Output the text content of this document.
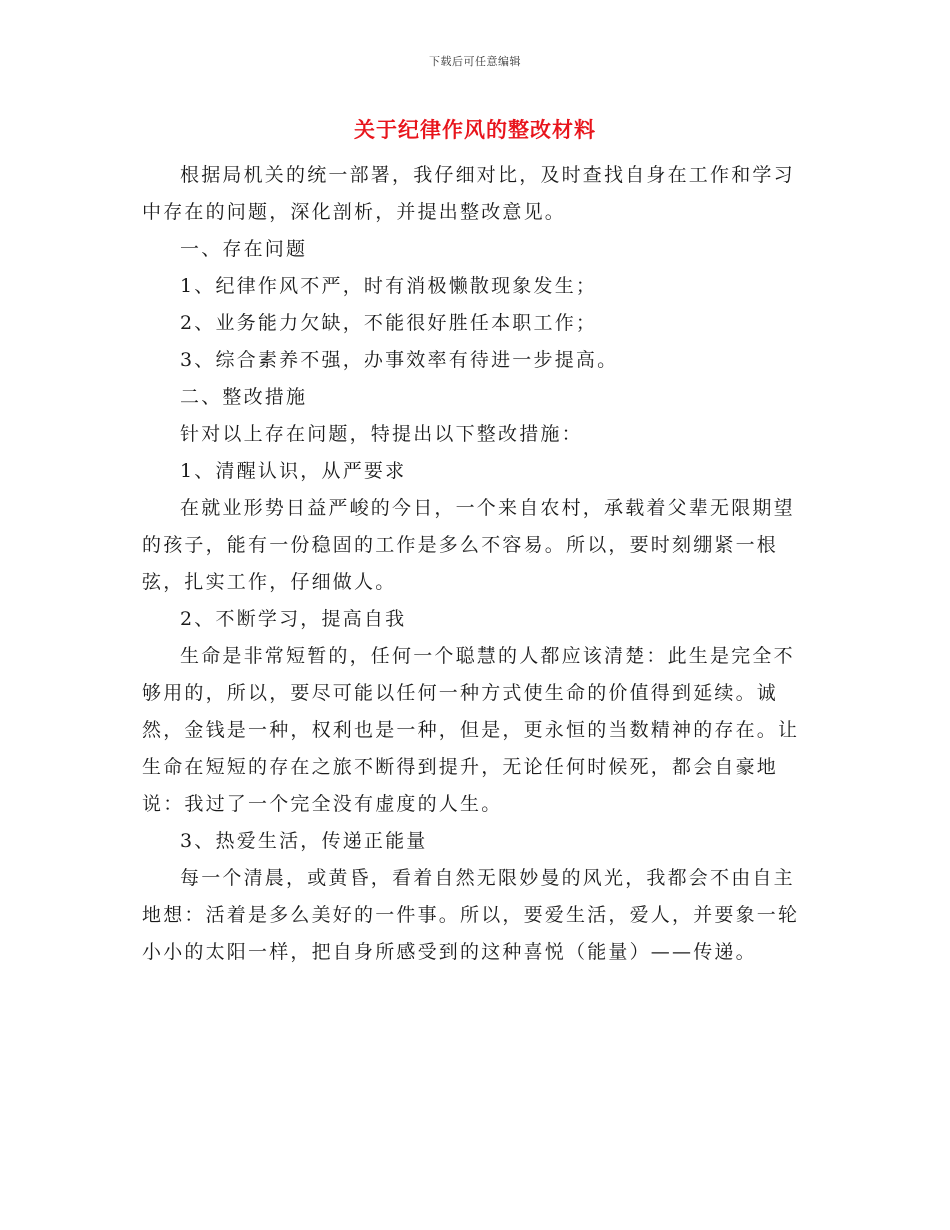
下载后可任意编辑
关于纪律作风的整改材料

根据局机关的统一部署，我仔细对比，及时查找自身在工作和学习中存在的问题，深化剖析，并提出整改意见。

一、存在问题

1、纪律作风不严，时有消极懒散现象发生；

2、业务能力欠缺，不能很好胜任本职工作；

3、综合素养不强，办事效率有待进一步提高。

二、整改措施

针对以上存在问题，特提出以下整改措施：

1、清醒认识，从严要求

在就业形势日益严峻的今日，一个来自农村，承载着父辈无限期望的孩子，能有一份稳固的工作是多么不容易。所以，要时刻绷紧一根弦，扎实工作，仔细做人。

2、不断学习，提高自我

生命是非常短暂的，任何一个聪慧的人都应该清楚：此生是完全不够用的，所以，要尽可能以任何一种方式使生命的价值得到延续。诚然，金钱是一种，权利也是一种，但是，更永恒的当数精神的存在。让生命在短短的存在之旅不断得到提升，无论任何时候死，都会自豪地说：我过了一个完全没有虚度的人生。

3、热爱生活，传递正能量

每一个清晨，或黄昏，看着自然无限妙曼的风光，我都会不由自主地想：活着是多么美好的一件事。所以，要爱生活，爱人，并要象一轮小小的太阳一样，把自身所感受到的这种喜悦（能量）——传递。
